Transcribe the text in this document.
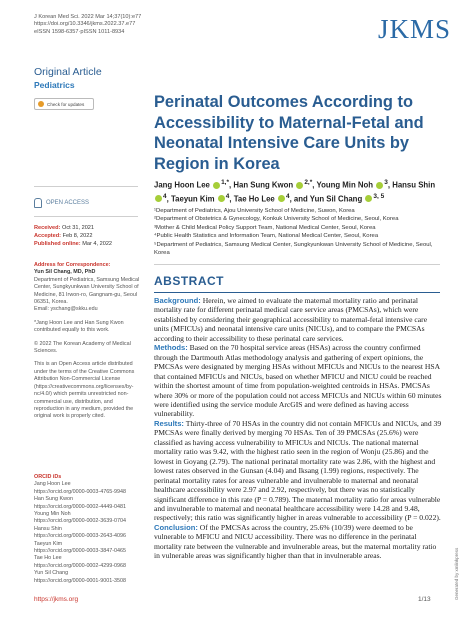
J Korean Med Sci. 2022 Mar 14;37(10):e77
https://doi.org/10.3346/jkms.2022.37.e77
eISSN 1598-6357·pISSN 1011-8934	JKMS
Original Article
Pediatrics
Check for updates
OPEN ACCESS
Received: Oct 31, 2021
Accepted: Feb 8, 2022
Published online: Mar 4, 2022
Address for Correspondence:
Yun Sil Chang, MD, PhD
Department of Pediatrics, Samsung Medical Center, Sungkyunkwan University School of Medicine, 81 Irwon-ro, Gangnam-gu, Seoul 06351, Korea.
Email: yschang@skku.edu
*Jang Hoon Lee and Han Sung Kwon contributed equally to this work.
© 2022 The Korean Academy of Medical Sciences.
This is an Open Access article distributed under the terms of the Creative Commons Attribution Non-Commercial License (https://creativecommons.org/licenses/by-nc/4.0/) which permits unrestricted non-commercial use, distribution, and reproduction in any medium, provided the original work is properly cited.
ORCID iDs
Jang Hoon Lee
https://orcid.org/0000-0003-4765-9948
Han Sung Kwon
https://orcid.org/0000-0002-4449-0481
Young Min Noh
https://orcid.org/0000-0002-3639-0704
Hansu Shin
https://orcid.org/0000-0003-2643-4096
Taeyun Kim
https://orcid.org/0000-0003-3847-0465
Tae Ho Lee
https://orcid.org/0000-0002-4299-0968
Yun Sil Chang
https://orcid.org/0000-0001-9001-3508
Perinatal Outcomes According to Accessibility to Maternal-Fetal and Neonatal Intensive Care Units by Region in Korea
Jang Hoon Lee $^{1,*}$, Han Sung Kwon $^{2,*}$, Young Min Noh $^3$, Hansu Shin $^4$, Taeyun Kim $^4$, Tae Ho Lee $^4$, and Yun Sil Chang $^{3, 5}$
¹Department of Pediatrics, Ajou University School of Medicine, Suwon, Korea
²Department of Obstetrics & Gynecology, Konkuk University School of Medicine, Seoul, Korea
³Mother & Child Medical Policy Support Team, National Medical Center, Seoul, Korea
⁴Public Health Statistics and Information Team, National Medical Center, Seoul, Korea
⁵Department of Pediatrics, Samsung Medical Center, Sungkyunkwan University School of Medicine, Seoul, Korea
ABSTRACT

Background: Herein, we aimed to evaluate the maternal mortality ratio and perinatal mortality rate for different perinatal medical care service areas (PMCSAs), which were established by considering their geographical accessibility to maternal-fetal intensive care units (MFICUs) and neonatal intensive care units (NICUs), and to compare the PMCSAs according to their accessibility to these perinatal care services.

Methods: Based on the 70 hospital service areas (HSAs) across the country confirmed through the Dartmouth Atlas methodology analysis and gathering of expert opinions, the PMCSAs were designated by merging HSAs without MFICUs and NICUs to the nearest HSA that contained MFICUs and NICUs, based on whether MFICU and NICU could be reached within the shortest amount of time from population-weighted centroids in HSAs. PMCSAs where 30% or more of the population could not access MFICUs and NICUs within 60 minutes were identified using the service module ArcGIS and were defined as having access vulnerability.

Results: Thirty-three of 70 HSAs in the country did not contain MFICUs and NICUs, and 39 PMCSAs were finally derived by merging 70 HSAs. Ten of 39 PMCSAs (25.6%) were classified as having access vulnerability to MFICUs and NICUs. The national maternal mortality ratio was 9.42, with the highest ratio seen in the region of Wonju (25.86) and the lowest in Goyang (2.79). The national perinatal mortality rate was 2.86, with the highest and lowest rates observed in the Gunsan (4.04) and Iksang (1.99) regions, respectively. The perinatal mortality rates for areas vulnerable and invulnerable to maternal and neonatal healthcare accessibility were 2.97 and 2.92, respectively, but there was no statistically significant difference in this rate (P = 0.789). The maternal mortality ratio for areas vulnerable and invulnerable to maternal and neonatal healthcare accessibility were 14.28 and 9.48, respectively; this ratio was significantly higher in areas vulnerable to accessibility (P = 0.022).

Conclusion: Of the PMCSAs across the country, 25.6% (10/39) were deemed to be vulnerable to MFICU and NICU accessibility. There was no difference in the perinatal mortality rate between the vulnerable and invulnerable areas, but the maternal mortality ratio in vulnerable areas was significantly higher than that in invulnerable areas.	Generated by xmlinkpress
https://jkms.org	1/13
